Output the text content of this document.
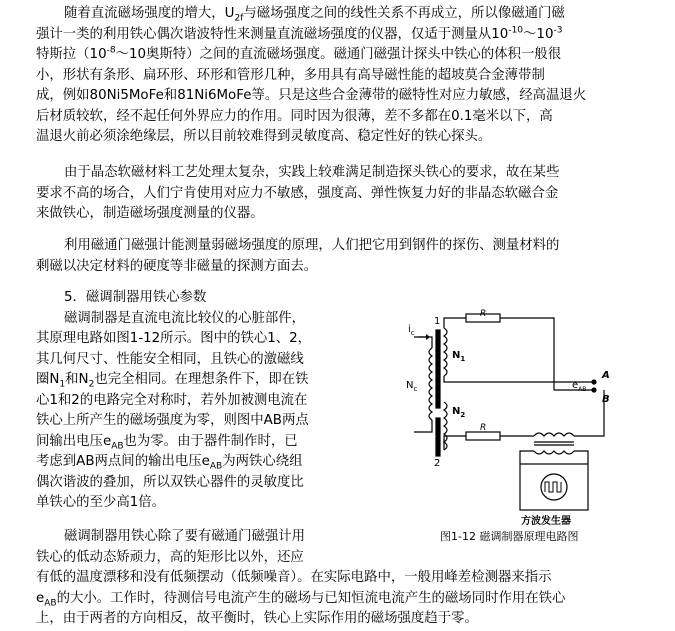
随着直流磁场强度的增大，$U_{2f}$与磁场强度之间的线性关系不再成立，所以像磁通门磁
强计一类的利用铁心偶次谐波特性来测量直流磁场强度的仪器，仅适于测量从$10^{-10}\sim 10^{-3}$
特斯拉（$10^{-8}\sim 10$奥斯特）之间的直流磁场强度。磁通门磁强计探头中铁心的体积一般很
小，形状有条形、扁环形、环形和管形几种，多用具有高导磁性能的超坡莫合金薄带制
成，例如80Ni5MoFe和81Ni6MoFe等。只是这些合金薄带的磁特性对应力敏感，经高温退火
后材质较软，经不起任何外界应力的作用。同时因为很薄，差不多都在0.1毫米以下，高
温退火前必须涂绝缘层，所以目前较难得到灵敏度高、稳定性好的铁心探头。
由于晶态软磁材料工艺处理太复杂，实践上较难满足制造探头铁心的要求，故在某些
要求不高的场合，人们宁肯使用对应力不敏感，强度高、弹性恢复力好的非晶态软磁合金
来做铁心，制造磁场强度测量的仪器。
利用磁通门磁强计能测量弱磁场强度的原理，人们把它用到钢件的探伤、测量材料的
剩磁以决定材料的硬度等非磁量的探测方面去。
5．磁调制器用铁心参数
磁调制器是直流电流比较仪的心脏部件，
其原理电路如图1-12所示。图中的铁心1、2，
其几何尺寸、性能安全相同，且铁心的激磁线
圈$N_1$和$N_2$也完全相同。在理想条件下，即在铁
心1和2的电路完全对称时，若外加被测电流在
铁心上所产生的磁场强度为零，则图中AB两点
间输出电压$e_{AB}$也为零。由于器件制作时，已
考虑到AB两点间的输出电压$e_{AB}$为两铁心绕组
偶次谐波的叠加，所以双铁心器件的灵敏度比
单铁心的至少高1倍。
磁调制器用铁心除了要有磁通门磁强计用
铁心的低动态矫顽力，高的矩形比以外，还应
有低的温度漂移和没有低频摆动（低频噪音）。在实际电路中，一般用峰差检测器来指示
$e_{AB}$的大小。工作时，待测信号电流产生的磁场与已知恒流电流产生的磁场同时作用在铁心
上，由于两者的方向相反，故平衡时，铁心上实际作用的磁场强度趋于零。
$i_c$
$N_c$
$N_1$
$N_2$
1
2
R
R
A
B
$e_{AB}$
方波发生器
图1-12 磁调制器原理电路图
